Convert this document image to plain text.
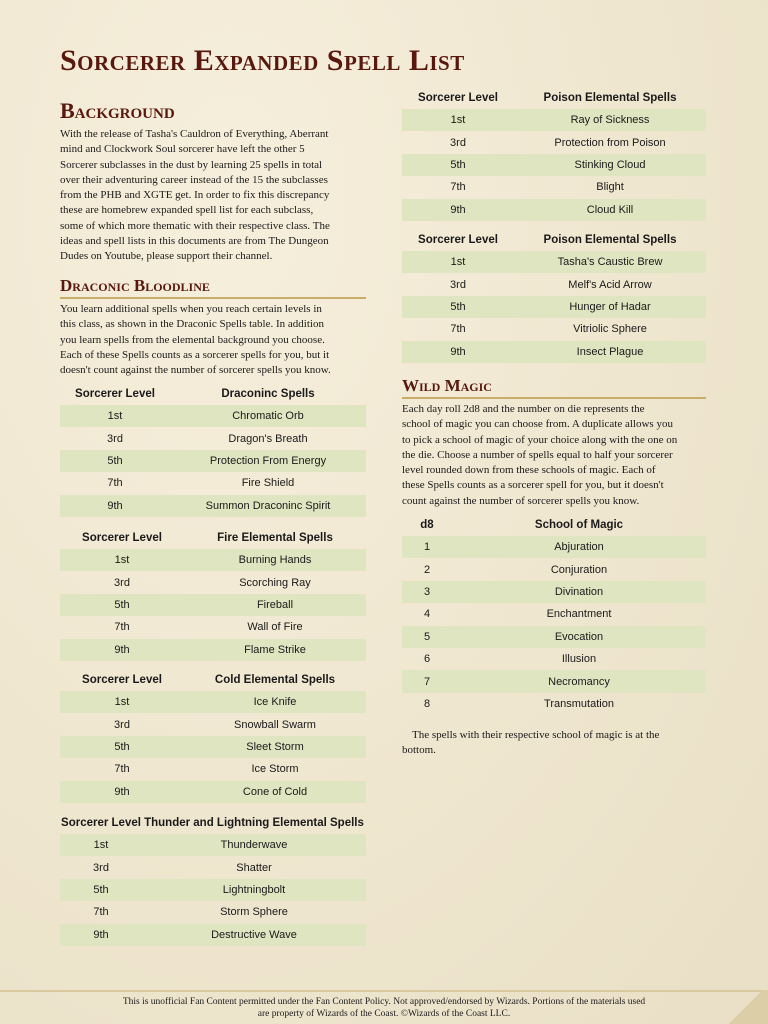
Sorcerer Expanded Spell List
Background

With the release of Tasha's Cauldron of Everything, Aberrant
mind and Clockwork Soul sorcerer have left the other 5
Sorcerer subclasses in the dust by learning 25 spells in total
over their adventuring career instead of the 15 the subclasses
from the PHB and XGTE get. In order to fix this discrepancy
these are homebrew expanded spell list for each subclass,
some of which more thematic with their respective class. The
ideas and spell lists in this documents are from The Dungeon
Dudes on Youtube, please support their channel.

Draconic Bloodline

You learn additional spells when you reach certain levels in
this class, as shown in the Draconic Spells table. In addition
you learn spells from the elemental background you choose.
Each of these Spells counts as a sorcerer spells for you, but it
doesn't count against the number of sorcerer spells you know.

Sorcerer Level	Draconinc Spells
1st	Chromatic Orb
3rd	Dragon's Breath
5th	Protection From Energy
7th	Fire Shield
9th	Summon Draconinc Spirit
Sorcerer Level	Fire Elemental Spells
1st	Burning Hands
3rd	Scorching Ray
5th	Fireball
7th	Wall of Fire
9th	Flame Strike
Sorcerer Level	Cold Elemental Spells
1st	Ice Knife
3rd	Snowball Swarm
5th	Sleet Storm
7th	Ice Storm
9th	Cone of Cold
Sorcerer Level Thunder and Lightning Elemental Spells
1st	Thunderwave
3rd	Shatter
5th	Lightningbolt
7th	Storm Sphere
9th	Destructive Wave
Sorcerer Level	Poison Elemental Spells
1st	Ray of Sickness
3rd	Protection from Poison
5th	Stinking Cloud
7th	Blight
9th	Cloud Kill
Sorcerer Level	Poison Elemental Spells
1st	Tasha's Caustic Brew
3rd	Melf's Acid Arrow
5th	Hunger of Hadar
7th	Vitriolic Sphere
9th	Insect Plague
Wild Magic

Each day roll 2d8 and the number on die represents the
school of magic you can choose from. A duplicate allows you
to pick a school of magic of your choice along with the one on
the die. Choose a number of spells equal to half your sorcerer
level rounded down from these schools of magic. Each of
these Spells counts as a sorcerer spell for you, but it doesn't
count against the number of sorcerer spells you know.

d8	School of Magic
1	Abjuration
2	Conjuration
3	Divination
4	Enchantment
5	Evocation
6	Illusion
7	Necromancy
8	Transmutation

The spells with their respective school of magic is at the
bottom.

This is unofficial Fan Content permitted under the Fan Content Policy. Not approved/endorsed by Wizards. Portions of the materials used
are property of Wizards of the Coast. ©Wizards of the Coast LLC.
